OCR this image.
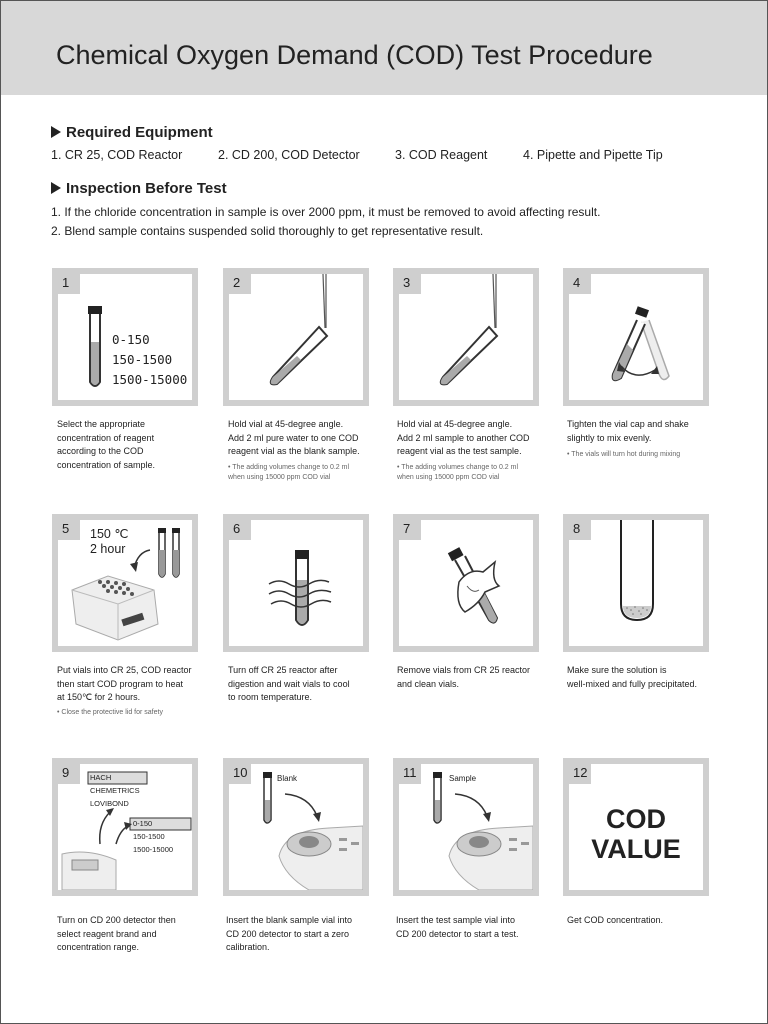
Chemical Oxygen Demand (COD) Test Procedure
Required Equipment
1. CR 25, COD Reactor	2. CD 200, COD Detector	3. COD Reagent	4. Pipette and Pipette Tip
Inspection Before Test
1. If the chloride concentration in sample is over 2000 ppm, it must be removed to avoid affecting result.
2. Blend sample contains suspended solid thoroughly to get representative result.
1
0-150
150-1500
1500-15000
2	3	4
Select the appropriate
concentration of reagent
according to the COD
concentration of sample.
Hold vial at 45-degree angle.
Add 2 ml pure water to one COD
reagent vial as the blank sample.
• The adding volumes change to 0.2 ml
when using 15000 ppm COD vial
Hold vial at 45-degree angle.
Add 2 ml sample to another COD
reagent vial as the test sample.
• The adding volumes change to 0.2 ml
when using 15000 ppm COD vial
Tighten the vial cap and shake
slightly to mix evenly.
• The vials will turn hot during mixing
5	150 ℃
2 hour
6	7	8
Put vials into CR 25, COD reactor
then start COD program to heat
at 150℃ for 2 hours.
• Close the protective lid for safety
Turn off CR 25 reactor after
digestion and wait vials to cool
to room temperature.
Remove vials from CR 25 reactor
and clean vials.
Make sure the solution is
well-mixed and fully precipitated.
9	HACH
CHEMETRICS
LOVIBOND
0-150
150-1500
1500-15000
10	Blank	11	Sample	12
COD
VALUE
Turn on CD 200 detector then
select reagent brand and
concentration range.
Insert the blank sample vial into
CD 200 detector to start a zero
calibration.
Insert the test sample vial into
CD 200 detector to start a test.
Get COD concentration.
